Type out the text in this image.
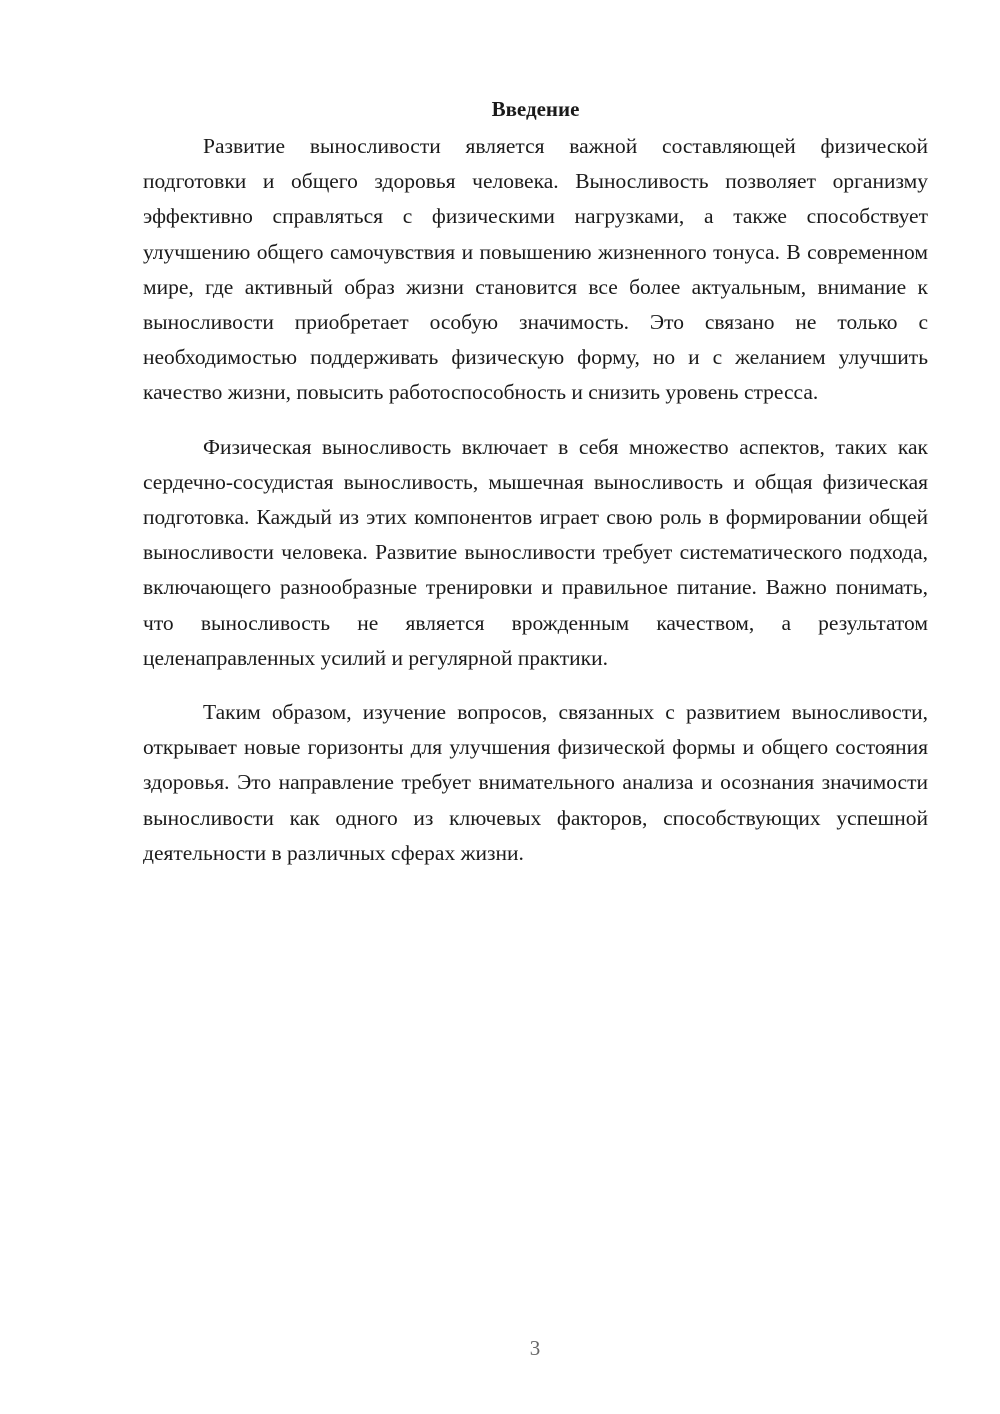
Введение

Развитие выносливости является важной составляющей физической подготовки и общего здоровья человека. Выносливость позволяет организму эффективно справляться с физическими нагрузками, а также способствует улучшению общего самочувствия и повышению жизненного тонуса. В современном мире, где активный образ жизни становится все более актуальным, внимание к выносливости приобретает особую значимость. Это связано не только с необходимостью поддерживать физическую форму, но и с желанием улучшить качество жизни, повысить работоспособность и снизить уровень стресса.

Физическая выносливость включает в себя множество аспектов, таких как сердечно-сосудистая выносливость, мышечная выносливость и общая физическая подготовка. Каждый из этих компонентов играет свою роль в формировании общей выносливости человека. Развитие выносливости требует систематического подхода, включающего разнообразные тренировки и правильное питание. Важно понимать, что выносливость не является врожденным качеством, а результатом целенаправленных усилий и регулярной практики.

Таким образом, изучение вопросов, связанных с развитием выносливости, открывает новые горизонты для улучшения физической формы и общего состояния здоровья. Это направление требует внимательного анализа и осознания значимости выносливости как одного из ключевых факторов, способствующих успешной деятельности в различных сферах жизни.

3
